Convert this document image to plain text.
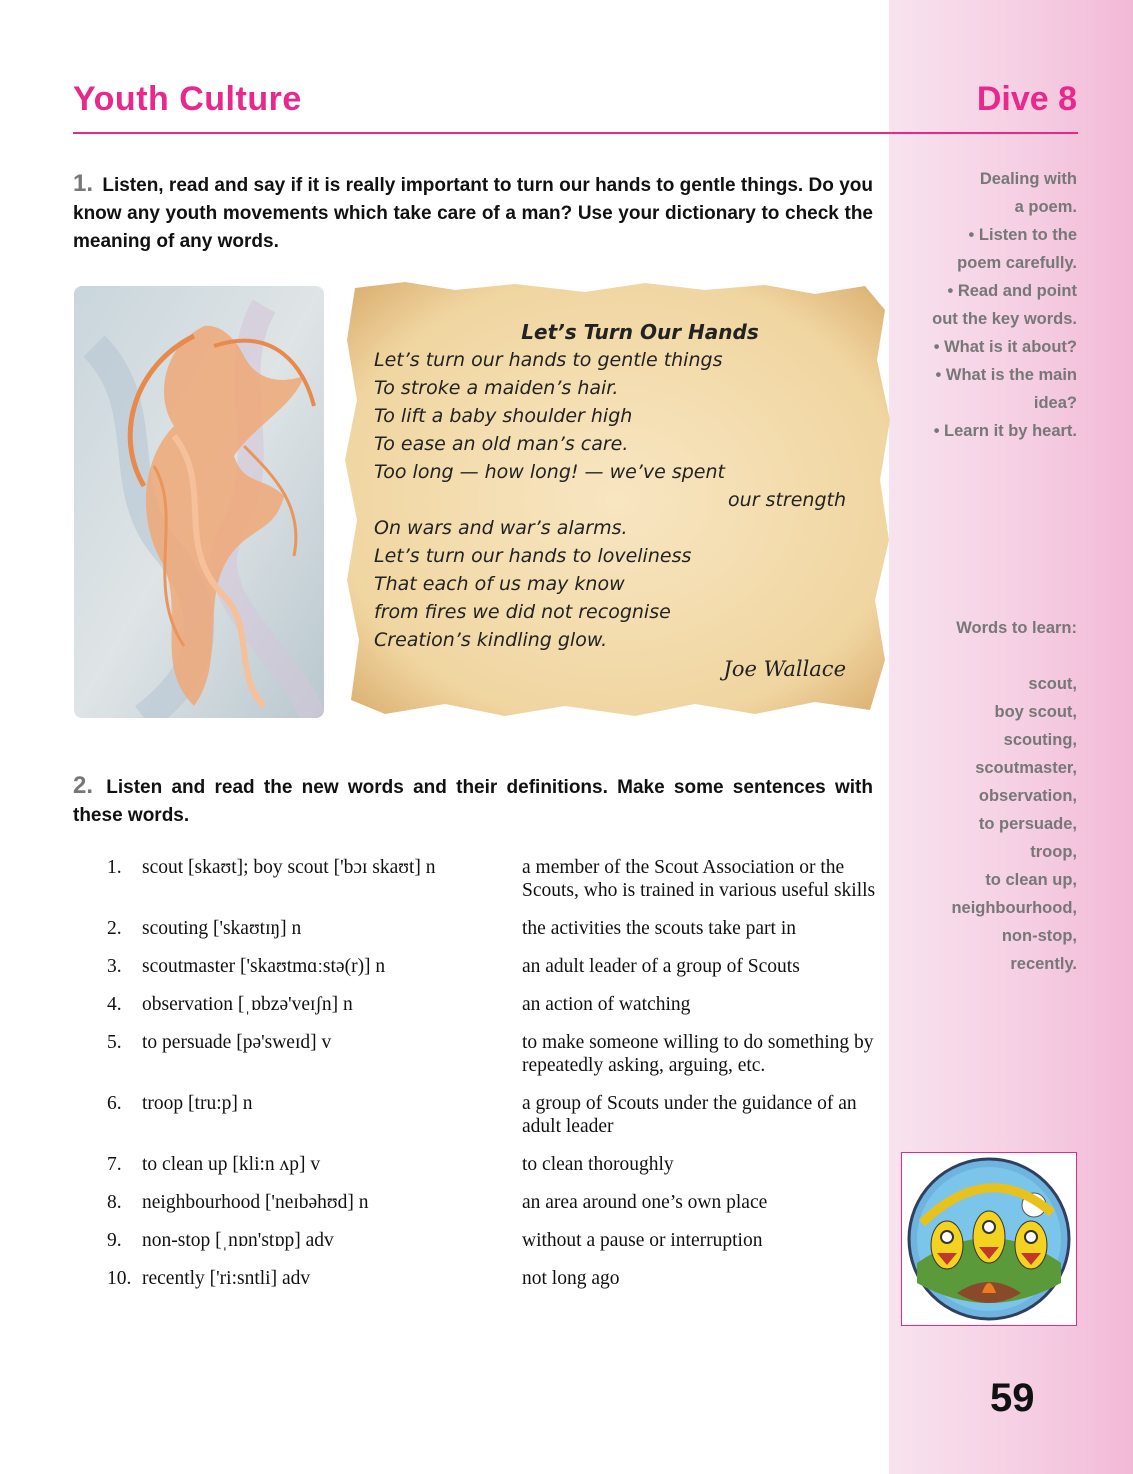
Youth Culture	Dive 8
1. Listen, read and say if it is really important to turn our hands to gentle things. Do you know any youth movements which take care of a man? Use your dictionary to check the meaning of any words.
Let’s Turn Our Hands
Let’s turn our hands to gentle things
To stroke a maiden’s hair.
To lift a baby shoulder high
To ease an old man’s care.
Too long — how long! — we’ve spent
our strength
On wars and war’s alarms.
Let’s turn our hands to loveliness
That each of us may know
from fires we did not recognise
Creation’s kindling glow.
Joe Wallace
Dealing with
a poem.
• Listen to the
poem carefully.
• Read and point
out the key words.
• What is it about?
• What is the main
idea?
• Learn it by heart.
Words to learn:
scout,
boy scout,
scouting,
scoutmaster,
observation,
to persuade,
troop,
to clean up,
neighbourhood,
non-stop,
recently.
2. Listen and read the new words and their definitions. Make some sentences with these words.
1.	scout [skaʊt]; boy scout ['bɔɪ skaʊt] n	a member of the Scout Association or the Scouts, who is trained in various useful skills
2.	scouting ['skaʊtɪŋ] n	the activities the scouts take part in
3.	scoutmaster ['skaʊtmɑːstə(r)] n	an adult leader of a group of Scouts
4.	observation [ˌɒbzə'veɪʃn] n	an action of watching
5.	to persuade [pə'sweɪd] v	to make someone willing to do something by repeatedly asking, arguing, etc.
6.	troop [tru:p] n	a group of Scouts under the guidance of an adult leader
7.	to clean up [kli:n ʌp] v	to clean thoroughly
8.	neighbourhood ['neɪbəhʊd] n	an area around one’s own place
9.	non-stop [ˌnɒn'stɒp] adv	without a pause or interruption
10. recently ['ri:sntli] adv	not long ago
59
